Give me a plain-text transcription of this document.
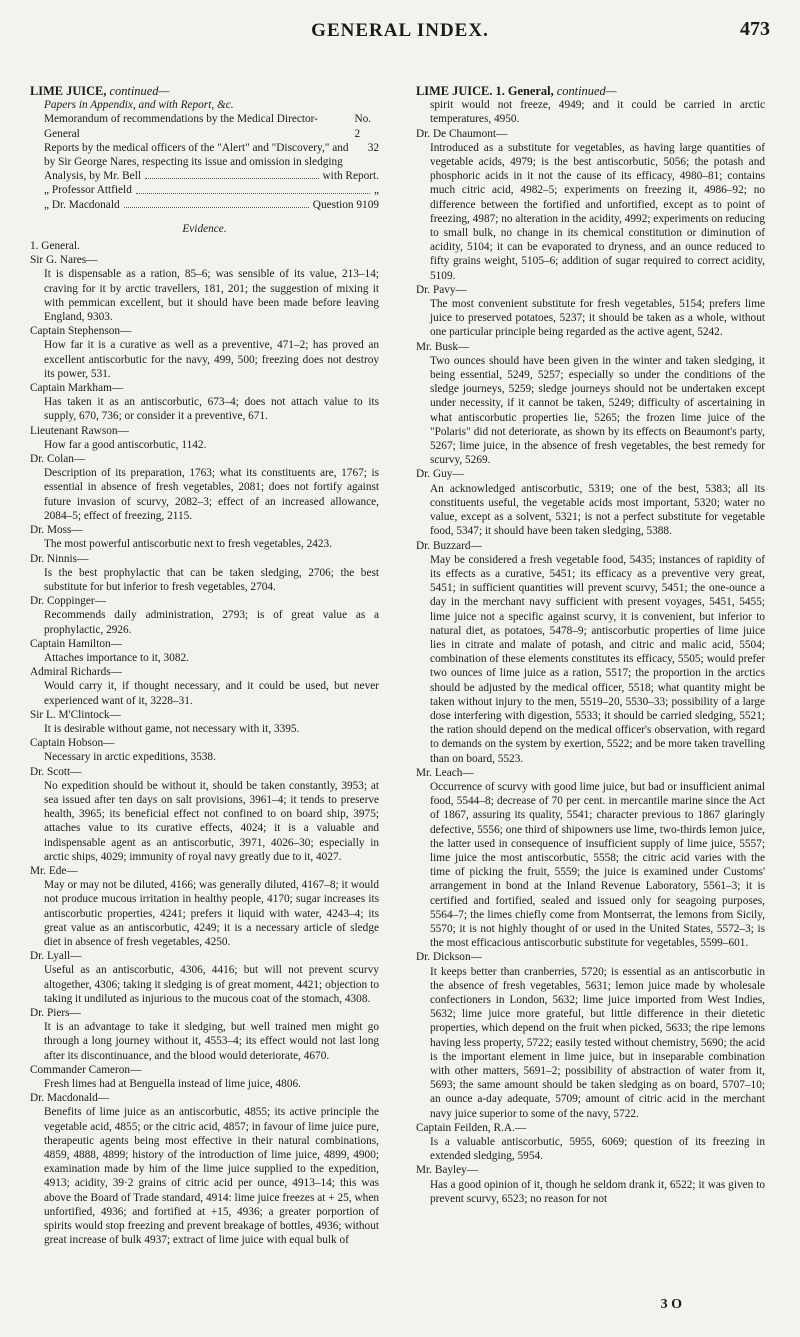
GENERAL INDEX.	473
LIME JUICE, continued—
Papers in Appendix, and with Report, &c.
Memorandum of recommendations by the Medical Director-General
No. 2
Reports by the medical officers of the "Alert" and "Discovery," and by Sir George Nares, respecting its issue and omission in sledging
32
Analysis, by Mr. Bell	with Report.
„ Professor Attfield	„
„ Dr. Macdonald	Question 9109
Evidence.
1. General.
Sir G. Nares—
It is dispensable as a ration, 85–6; was sensible of its value, 213–14; craving for it by arctic travellers, 181, 201; the suggestion of mixing it with pemmican excellent, but it should have been made before leaving England, 9303.
Captain Stephenson—
How far it is a curative as well as a preventive, 471–2; has proved an excellent antiscorbutic for the navy, 499, 500; freezing does not destroy its power, 531.
Captain Markham—
Has taken it as an antiscorbutic, 673–4; does not attach value to its supply, 670, 736; or consider it a preventive, 671.
Lieutenant Rawson—
How far a good antiscorbutic, 1142.
Dr. Colan—
Description of its preparation, 1763; what its constituents are, 1767; is essential in absence of fresh vegetables, 2081; does not fortify against future invasion of scurvy, 2082–3; effect of an increased allowance, 2084–5; effect of freezing, 2115.
Dr. Moss—
The most powerful antiscorbutic next to fresh vegetables, 2423.
Dr. Ninnis—
Is the best prophylactic that can be taken sledging, 2706; the best substitute for but inferior to fresh vegetables, 2704.
Dr. Coppinger—
Recommends daily administration, 2793; is of great value as a prophylactic, 2926.
Captain Hamilton—
Attaches importance to it, 3082.
Admiral Richards—
Would carry it, if thought necessary, and it could be used, but never experienced want of it, 3228–31.
Sir L. M'Clintock—
It is desirable without game, not necessary with it, 3395.
Captain Hobson—
Necessary in arctic expeditions, 3538.
Dr. Scott—
No expedition should be without it, should be taken constantly, 3953; at sea issued after ten days on salt provisions, 3961–4; it tends to preserve health, 3965; its beneficial effect not confined to on board ship, 3975; attaches value to its curative effects, 4024; it is a valuable and indispensable agent as an antiscorbutic, 3971, 4026–30; especially in arctic ships, 4029; immunity of royal navy greatly due to it, 4027.
Mr. Ede—
May or may not be diluted, 4166; was generally diluted, 4167–8; it would not produce mucous irritation in healthy people, 4170; sugar increases its antiscorbutic properties, 4241; prefers it liquid with water, 4243–4; its great value as an antiscorbutic, 4249; it is a necessary article of sledge diet in absence of fresh vegetables, 4250.
Dr. Lyall—
Useful as an antiscorbutic, 4306, 4416; but will not prevent scurvy altogether, 4306; taking it sledging is of great moment, 4421; objection to taking it undiluted as injurious to the mucous coat of the stomach, 4308.
Dr. Piers—
It is an advantage to take it sledging, but well trained men might go through a long journey without it, 4553–4; its effect would not last long after its discontinuance, and the blood would deteriorate, 4670.
Commander Cameron—
Fresh limes had at Benguella instead of lime juice, 4806.
Dr. Macdonald—
Benefits of lime juice as an antiscorbutic, 4855; its active principle the vegetable acid, 4855; or the citric acid, 4857; in favour of lime juice pure, therapeutic agents being most effective in their natural combinations, 4859, 4888, 4899; history of the introduction of lime juice, 4899, 4900; examination made by him of the lime juice supplied to the expedition, 4913; acidity, 39·2 grains of citric acid per ounce, 4913–14; this was above the Board of Trade standard, 4914: lime juice freezes at + 25, when unfortified, 4936; and fortified at +15, 4936; a greater porportion of spirits would stop freezing and prevent breakage of bottles, 4936; without great increase of bulk 4937; extract of lime juice with equal bulk of
LIME JUICE. 1. General, continued—
spirit would not freeze, 4949; and it could be carried in arctic temperatures, 4950.
Dr. De Chaumont—
Introduced as a substitute for vegetables, as having large quantities of vegetable acids, 4979; is the best antiscorbutic, 5056; the potash and phosphoric acids in it not the cause of its efficacy, 4980–81; contains much citric acid, 4982–5; experiments on freezing it, 4986–92; no difference between the fortified and unfortified, except as to point of freezing, 4987; no alteration in the acidity, 4992; experiments on reducing to small bulk, no change in its chemical constitution or diminution of acidity, 5104; it can be evaporated to dryness, and an ounce reduced to fifty grains weight, 5105–6; addition of sugar required to correct acidity, 5109.
Dr. Pavy—
The most convenient substitute for fresh vegetables, 5154; prefers lime juice to preserved potatoes, 5237; it should be taken as a whole, without one particular principle being regarded as the active agent, 5242.
Mr. Busk—
Two ounces should have been given in the winter and taken sledging, it being essential, 5249, 5257; especially so under the conditions of the sledge journeys, 5259; sledge journeys should not be undertaken except under necessity, if it cannot be taken, 5249; difficulty of ascertaining in what antiscorbutic properties lie, 5265; the frozen lime juice of the "Polaris" did not deteriorate, as shown by its effects on Beaumont's party, 5267; lime juice, in the absence of fresh vegetables, the best remedy for scurvy, 5269.
Dr. Guy—
An acknowledged antiscorbutic, 5319; one of the best, 5383; all its constituents useful, the vegetable acids most important, 5320; water no value, except as a solvent, 5321; is not a perfect substitute for vegetable food, 5347; it should have been taken sledging, 5388.
Dr. Buzzard—
May be considered a fresh vegetable food, 5435; instances of rapidity of its effects as a curative, 5451; its efficacy as a preventive very great, 5451; in sufficient quantities will prevent scurvy, 5451; the one-ounce a day in the merchant navy sufficient with present voyages, 5451, 5455; lime juice not a specific against scurvy, it is convenient, but inferior to natural diet, as potatoes, 5478–9; antiscorbutic properties of lime juice lies in citrate and malate of potash, and citric and malic acid, 5504; combination of these elements constitutes its efficacy, 5505; would prefer two ounces of lime juice as a ration, 5517; the proportion in the arctics should be adjusted by the medical officer, 5518; what quantity might be taken without injury to the men, 5519–20, 5530–33; possibility of a large dose interfering with digestion, 5533; it should be carried sledging, 5521; the ration should depend on the medical officer's observation, with regard to demands on the system by exertion, 5522; and be more taken travelling than on board, 5523.
Mr. Leach—
Occurrence of scurvy with good lime juice, but bad or insufficient animal food, 5544–8; decrease of 70 per cent. in mercantile marine since the Act of 1867, assuring its quality, 5541; character previous to 1867 glaringly defective, 5556; one third of shipowners use lime, two-thirds lemon juice, the latter used in consequence of insufficient supply of lime juice, 5557; lime juice the most antiscorbutic, 5558; the citric acid varies with the time of picking the fruit, 5559; the juice is examined under Customs' arrangement in bond at the Inland Revenue Laboratory, 5561–3; it is certified and fortified, sealed and issued only for seagoing purposes, 5564–7; the limes chiefly come from Montserrat, the lemons from Sicily, 5570; it is not highly thought of or used in the United States, 5572–3; is the most efficacious antiscorbutic substitute for vegetables, 5599–601.
Dr. Dickson—
It keeps better than cranberries, 5720; is essential as an antiscorbutic in the absence of fresh vegetables, 5631; lemon juice made by wholesale confectioners in London, 5632; lime juice imported from West Indies, 5632; lime juice more grateful, but little difference in their dietetic properties, which depend on the fruit when picked, 5633; the ripe lemons having less property, 5722; easily tested without chemistry, 5690; the acid is the important element in lime juice, but in inseparable combination with other matters, 5691–2; possibility of abstraction of water from it, 5693; the same amount should be taken sledging as on board, 5707–10; an ounce a-day adequate, 5709; amount of citric acid in the merchant navy juice superior to some of the navy, 5722.
Captain Feilden, R.A.—
Is a valuable antiscorbutic, 5955, 6069; question of its freezing in extended sledging, 5954.
Mr. Bayley—
Has a good opinion of it, though he seldom drank it, 6522; it was given to prevent scurvy, 6523; no reason for not
3 O
